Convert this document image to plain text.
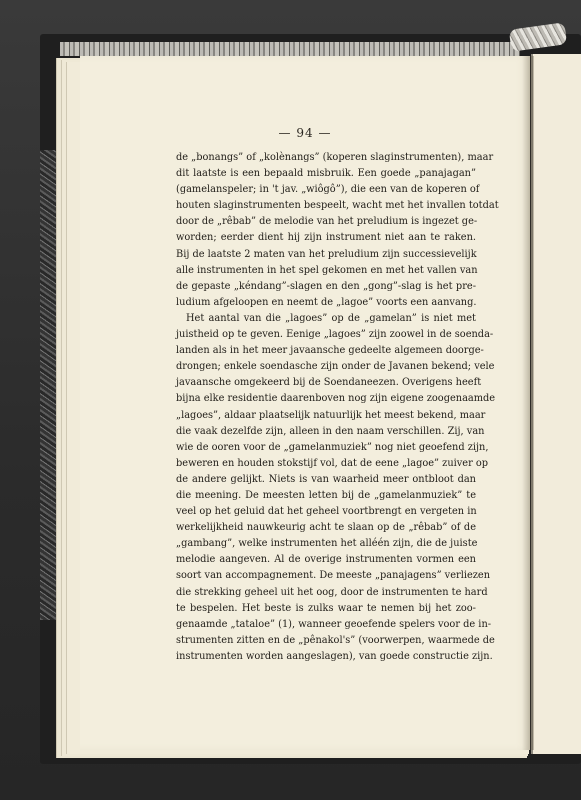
— 94 —
de „bonangs” of „kolènangs” (koperen slaginstrumenten), maar
dit laatste is een bepaald misbruik. Een goede „panajagan”
(gamelanspeler; in 't jav. „wiôgô”), die een van de koperen of
houten slaginstrumenten bespeelt, wacht met het invallen totdat
door de „rêbab” de melodie van het preludium is ingezet ge-
worden; eerder dient hij zijn instrument niet aan te raken.
Bij de laatste 2 maten van het preludium zijn successievelijk
alle instrumenten in het spel gekomen en met het vallen van
de gepaste „kéndang”-slagen en den „gong”-slag is het pre-
ludium afgeloopen en neemt de „lagoe” voorts een aanvang.
Het aantal van die „lagoes” op de „gamelan” is niet met
juistheid op te geven. Eenige „lagoes” zijn zoowel in de soenda-
landen als in het meer javaansche gedeelte algemeen doorge-
drongen; enkele soendasche zijn onder de Javanen bekend; vele
javaansche omgekeerd bij de Soendaneezen. Overigens heeft
bijna elke residentie daarenboven nog zijn eigene zoogenaamde
„lagoes”, aldaar plaatselijk natuurlijk het meest bekend, maar
die vaak dezelfde zijn, alleen in den naam verschillen. Zij, van
wie de ooren voor de „gamelanmuziek” nog niet geoefend zijn,
beweren en houden stokstijf vol, dat de eene „lagoe” zuiver op
de andere gelijkt. Niets is van waarheid meer ontbloot dan
die meening. De meesten letten bij de „gamelanmuziek” te
veel op het geluid dat het geheel voortbrengt en vergeten in
werkelijkheid nauwkeurig acht te slaan op de „rêbab” of de
„gambang”, welke instrumenten het alléén zijn, die de juiste
melodie aangeven. Al de overige instrumenten vormen een
soort van accompagnement. De meeste „panajagens” verliezen
die strekking geheel uit het oog, door de instrumenten te hard
te bespelen. Het beste is zulks waar te nemen bij het zoo-
genaamde „tataloe” (1), wanneer geoefende spelers voor de in-
strumenten zitten en de „pênakol's” (voorwerpen, waarmede de
instrumenten worden aangeslagen), van goede constructie zijn.
